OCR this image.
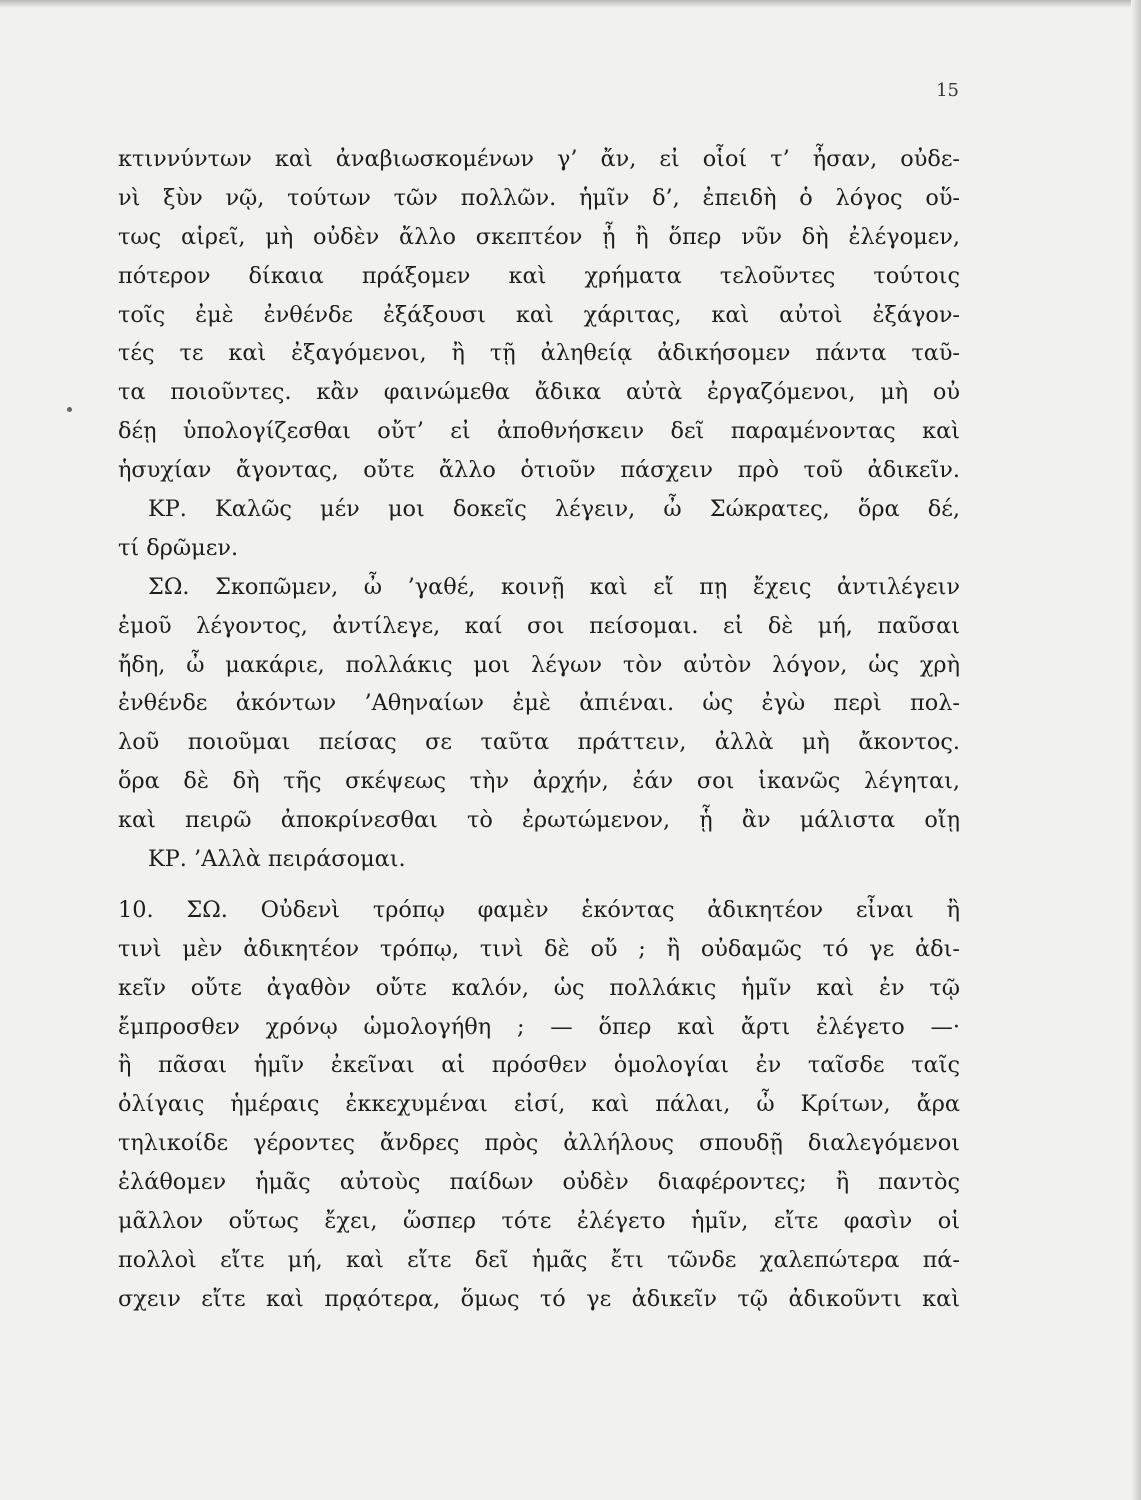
15
κτιννύντων καὶ ἀναβιωσκομένων γ’ ἄν, εἰ οἷοί τ’ ἦσαν, οὐδε-
νὶ ξὺν νῷ, τούτων τῶν πολλῶν. ἡμῖν δ’, ἐπειδὴ ὁ λόγος οὕ-
τως αἱρεῖ, μὴ οὐδὲν ἄλλο σκεπτέον ᾖ ἢ ὅπερ νῦν δὴ ἐλέγομεν,
πότερον δίκαια πράξομεν καὶ χρήματα τελοῦντες τούτοις
τοῖς ἐμὲ ἐνθένδε ἐξάξουσι καὶ χάριτας, καὶ αὐτοὶ ἐξάγον-
τές τε καὶ ἐξαγόμενοι, ἢ τῇ ἀληθείᾳ ἀδικήσομεν πάντα ταῦ-
τα ποιοῦντες. κἂν φαινώμεθα ἄδικα αὐτὰ ἐργαζόμενοι, μὴ οὐ
δέῃ ὑπολογίζεσθαι οὔτ’ εἰ ἀποθνήσκειν δεῖ παραμένοντας καὶ
ἡσυχίαν ἄγοντας, οὔτε ἄλλο ὁτιοῦν πάσχειν πρὸ τοῦ ἀδικεῖν.
ΚΡ. Καλῶς μέν μοι δοκεῖς λέγειν, ὦ Σώκρατες, ὅρα δέ,
τί δρῶμεν.
ΣΩ. Σκοπῶμεν, ὦ ’γαθέ, κοινῇ καὶ εἴ πῃ ἔχεις ἀντιλέγειν
ἐμοῦ λέγοντος, ἀντίλεγε, καί σοι πείσομαι. εἰ δὲ μή, παῦσαι
ἤδη, ὦ μακάριε, πολλάκις μοι λέγων τὸν αὐτὸν λόγον, ὡς χρὴ
ἐνθένδε ἀκόντων ’Αθηναίων ἐμὲ ἀπιέναι. ὡς ἐγὼ περὶ πολ-
λοῦ ποιοῦμαι πείσας σε ταῦτα πράττειν, ἀλλὰ μὴ ἄκοντος.
ὅρα δὲ δὴ τῆς σκέψεως τὴν ἀρχήν, ἐάν σοι ἱκανῶς λέγηται,
καὶ πειρῶ ἀποκρίνεσθαι τὸ ἐρωτώμενον, ᾗ ἂν μάλιστα οἴῃ
ΚΡ. ’Αλλὰ πειράσομαι.
10. ΣΩ. Οὐδενὶ τρόπῳ φαμὲν ἑκόντας ἀδικητέον εἶναι ἢ
τινὶ μὲν ἀδικητέον τρόπῳ, τινὶ δὲ οὔ ; ἢ οὐδαμῶς τό γε ἀδι-
κεῖν οὔτε ἀγαθὸν οὔτε καλόν, ὡς πολλάκις ἡμῖν καὶ ἐν τῷ
ἔμπροσθεν χρόνῳ ὡμολογήθη ; — ὅπερ καὶ ἄρτι ἐλέγετο —·
ἢ πᾶσαι ἡμῖν ἐκεῖναι αἱ πρόσθεν ὁμολογίαι ἐν ταῖσδε ταῖς
ὀλίγαις ἡμέραις ἐκκεχυμέναι εἰσί, καὶ πάλαι, ὦ Κρίτων, ἄρα
τηλικοίδε γέροντες ἄνδρες πρὸς ἀλλήλους σπουδῇ διαλεγόμενοι
ἐλάθομεν ἡμᾶς αὐτοὺς παίδων οὐδὲν διαφέροντες; ἢ παντὸς
μᾶλλον οὕτως ἔχει, ὥσπερ τότε ἐλέγετο ἡμῖν, εἴτε φασὶν οἱ
πολλοὶ εἴτε μή, καὶ εἴτε δεῖ ἡμᾶς ἔτι τῶνδε χαλεπώτερα πά-
σχειν εἴτε καὶ πρᾳότερα, ὅμως τό γε ἀδικεῖν τῷ ἀδικοῦντι καὶ
